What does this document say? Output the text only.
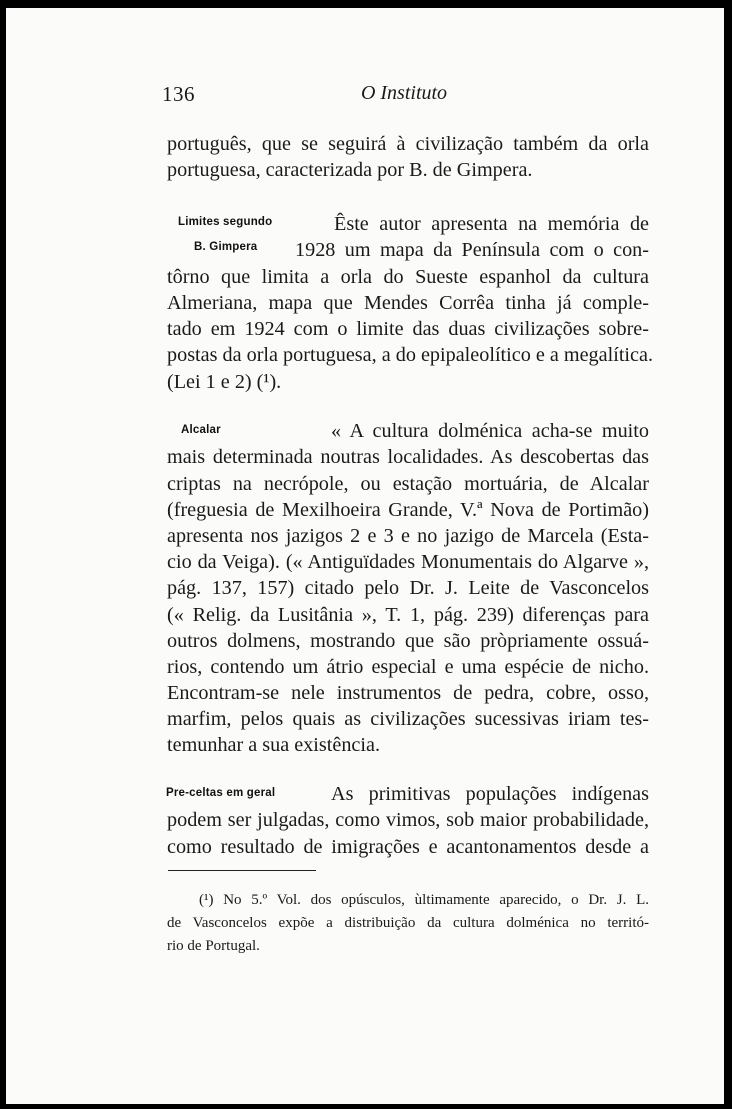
136	O Instituto
português, que se seguirá à civilização também da orla
portuguesa, caracterizada por B. de Gimpera.
Limites segundo
B. Gimpera
Êste autor apresenta na memória de
1928 um mapa da Península com o con-
tôrno que limita a orla do Sueste espanhol da cultura
Almeriana, mapa que Mendes Corrêa tinha já comple-
tado em 1924 com o limite das duas civilizações sobre-
postas da orla portuguesa, a do epipaleolítico e a megalítica.
(Lei 1 e 2) (¹).
Alcalar	« A cultura dolménica acha-se muito
mais determinada noutras localidades. As descobertas das
criptas na necrópole, ou estação mortuária, de Alcalar
(freguesia de Mexilhoeira Grande, V.ª Nova de Portimão)
apresenta nos jazigos 2 e 3 e no jazigo de Marcela (Esta-
cio da Veiga). (« Antiguïdades Monumentais do Algarve »,
pág. 137, 157) citado pelo Dr. J. Leite de Vasconcelos
(« Relig. da Lusitânia », T. 1, pág. 239) diferenças para
outros dolmens, mostrando que são pròpriamente ossuá-
rios, contendo um átrio especial e uma espécie de nicho.
Encontram-se nele instrumentos de pedra, cobre, osso,
marfim, pelos quais as civilizações sucessivas iriam tes-
temunhar a sua existência.
Pre-celtas em geral	As primitivas populações indígenas
podem ser julgadas, como vimos, sob maior probabilidade,
como resultado de imigrações e acantonamentos desde a
(¹) No 5.º Vol. dos opúsculos, ùltimamente aparecido, o Dr. J. L.
de Vasconcelos expõe a distribuição da cultura dolménica no territó-
rio de Portugal.
